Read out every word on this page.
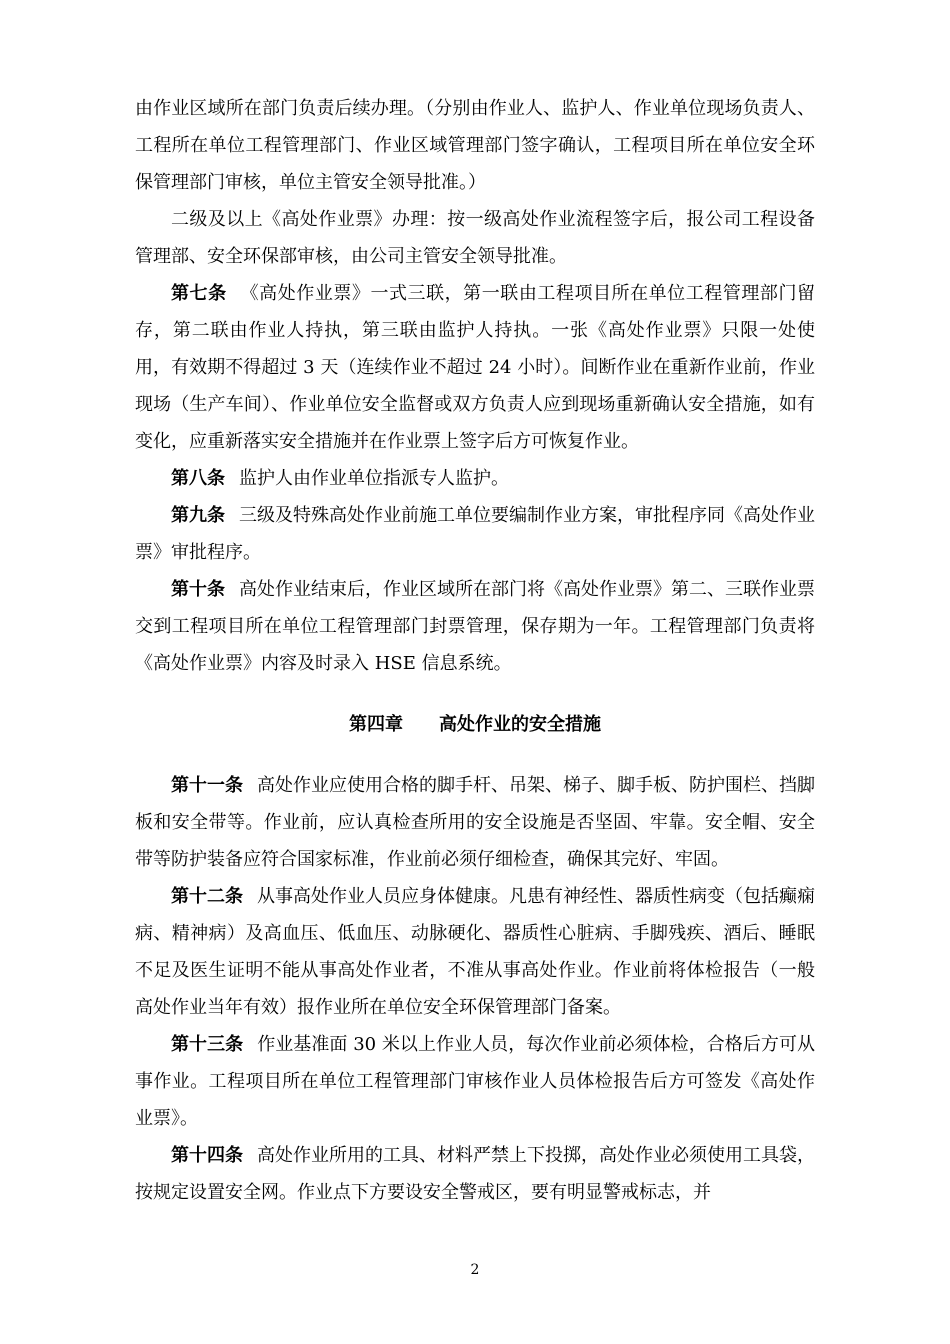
由作业区域所在部门负责后续办理。（分别由作业人、监护人、作业单位现场负责人、工程所在单位工程管理部门、作业区域管理部门签字确认，工程项目所在单位安全环保管理部门审核，单位主管安全领导批准。）

二级及以上《高处作业票》办理：按一级高处作业流程签字后，报公司工程设备管理部、安全环保部审核，由公司主管安全领导批准。

第七条 《高处作业票》一式三联，第一联由工程项目所在单位工程管理部门留存，第二联由作业人持执，第三联由监护人持执。一张《高处作业票》只限一处使用，有效期不得超过 3 天（连续作业不超过 24 小时）。间断作业在重新作业前，作业现场（生产车间）、作业单位安全监督或双方负责人应到现场重新确认安全措施，如有变化，应重新落实安全措施并在作业票上签字后方可恢复作业。

第八条 监护人由作业单位指派专人监护。

第九条 三级及特殊高处作业前施工单位要编制作业方案，审批程序同《高处作业票》审批程序。

第十条 高处作业结束后，作业区域所在部门将《高处作业票》第二、三联作业票交到工程项目所在单位工程管理部门封票管理，保存期为一年。工程管理部门负责将《高处作业票》内容及时录入 HSE 信息系统。

第四章 高处作业的安全措施

第十一条 高处作业应使用合格的脚手杆、吊架、梯子、脚手板、防护围栏、挡脚板和安全带等。作业前，应认真检查所用的安全设施是否坚固、牢靠。安全帽、安全带等防护装备应符合国家标准，作业前必须仔细检查，确保其完好、牢固。

第十二条 从事高处作业人员应身体健康。凡患有神经性、器质性病变（包括癫痫病、精神病）及高血压、低血压、动脉硬化、器质性心脏病、手脚残疾、酒后、睡眠不足及医生证明不能从事高处作业者，不准从事高处作业。作业前将体检报告（一般高处作业当年有效）报作业所在单位安全环保管理部门备案。

第十三条 作业基准面 30 米以上作业人员，每次作业前必须体检，合格后方可从事作业。工程项目所在单位工程管理部门审核作业人员体检报告后方可签发《高处作业票》。

第十四条 高处作业所用的工具、材料严禁上下投掷，高处作业必须使用工具袋，按规定设置安全网。作业点下方要设安全警戒区，要有明显警戒标志，并

2
